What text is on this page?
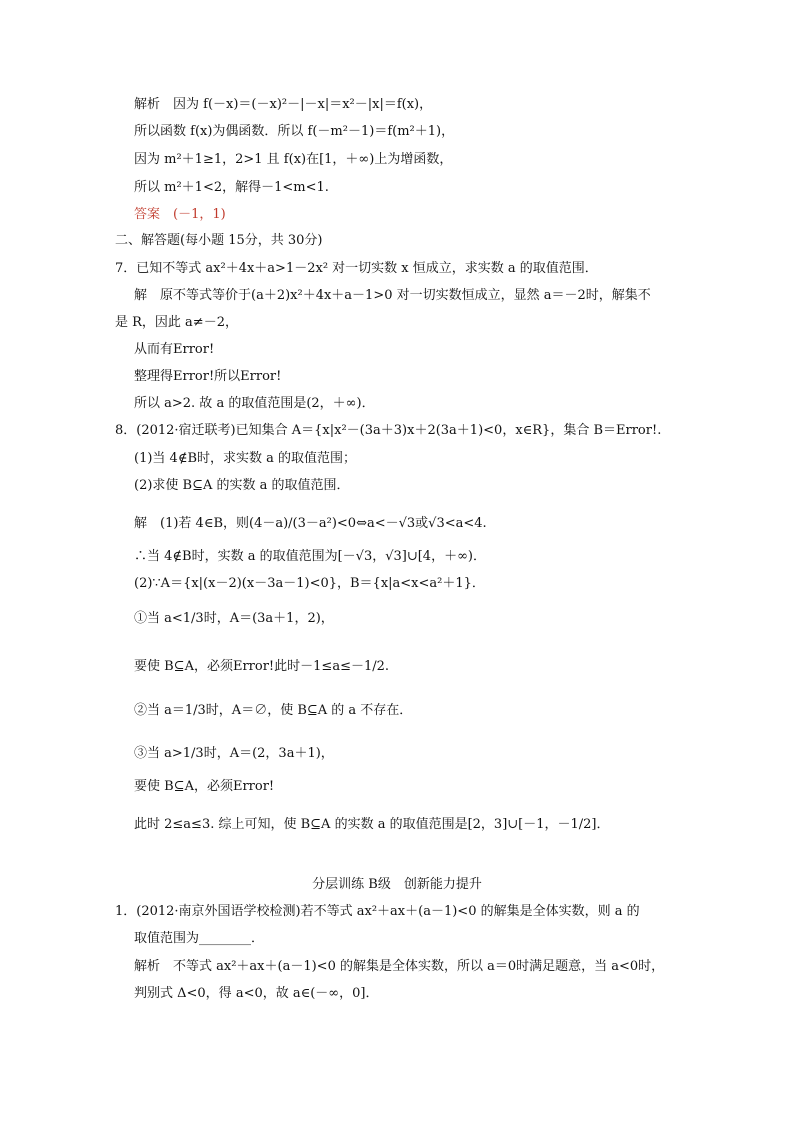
解析　因为 f(－x)＝(－x)²－|－x|＝x²－|x|＝f(x)，
所以函数 f(x)为偶函数．所以 f(－m²－1)＝f(m²＋1)，
因为 m²＋1≥1，2>1 且 f(x)在[1，＋∞)上为增函数，
所以 m²＋1<2，解得－1<m<1.
答案　(－1，1)
二、解答题(每小题 15分，共 30分)
7．已知不等式 ax²＋4x＋a>1－2x² 对一切实数 x 恒成立，求实数 a 的取值范围．
解　原不等式等价于(a＋2)x²＋4x＋a－1>0 对一切实数恒成立，显然 a＝－2时，解集不
是 R，因此 a≠－2，
从而有Error!
整理得Error!所以Error!
所以 a>2. 故 a 的取值范围是(2，＋∞)．
8．(2012·宿迁联考)已知集合 A＝{x|x²－(3a＋3)x＋2(3a＋1)<0，x∈R}，集合 B＝Error!.
(1)当 4∉B时，求实数 a 的取值范围；
(2)求使 B⊆A 的实数 a 的取值范围．
解　(1)若 4∈B，则(4－a)/(3－a²)<0⇔a<－√3或√3<a<4.
∴当 4∉B时，实数 a 的取值范围为[－√3，√3]∪[4，＋∞)．
(2)∵A＝{x|(x－2)(x－3a－1)<0}，B＝{x|a<x<a²＋1}．
①当 a<1/3时，A＝(3a＋1，2)，
要使 B⊆A，必须Error!此时－1≤a≤－1/2.
②当 a＝1/3时，A＝∅，使 B⊆A 的 a 不存在．
③当 a>1/3时，A＝(2，3a＋1)，
要使 B⊆A，必须Error!
此时 2≤a≤3. 综上可知，使 B⊆A 的实数 a 的取值范围是[2，3]∪[－1，－1/2]．
分层训练 B级　创新能力提升
1．(2012·南京外国语学校检测)若不等式 ax²＋ax＋(a－1)<0 的解集是全体实数，则 a 的
取值范围为________．
解析　不等式 ax²＋ax＋(a－1)<0 的解集是全体实数，所以 a＝0时满足题意，当 a<0时，
判别式 Δ<0，得 a<0，故 a∈(－∞，0]．
